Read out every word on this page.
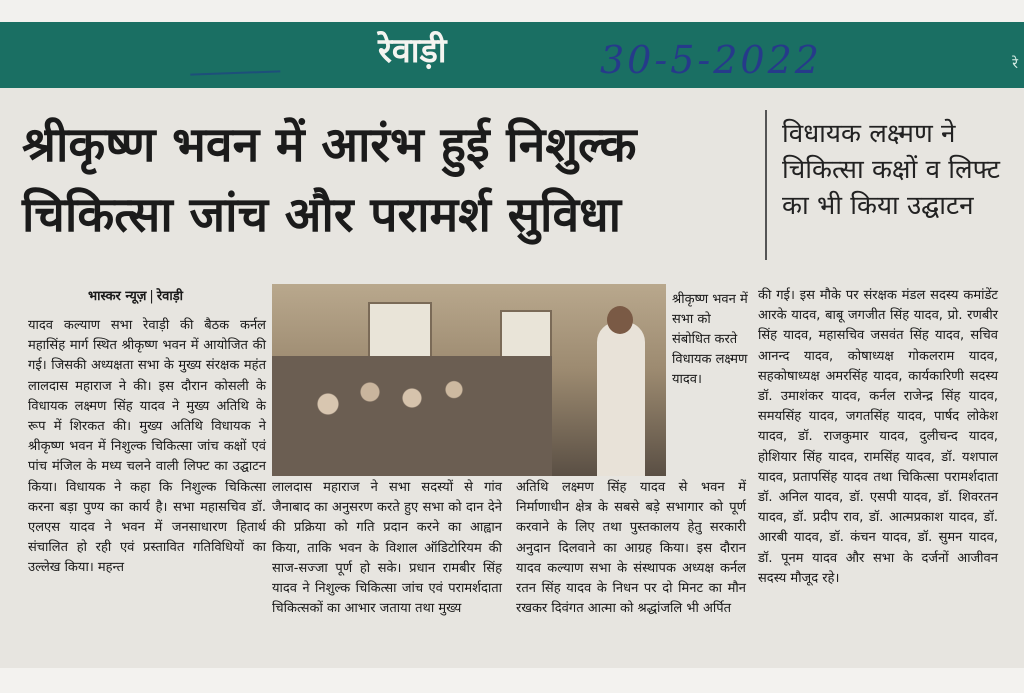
रेवाड़ी	30-5-2022	रे
श्रीकृष्ण भवन में आरंभ हुई निशुल्क
चिकित्सा जांच और परामर्श सुविधा
विधायक लक्ष्मण ने चिकित्सा कक्षों व लिफ्ट का भी किया उद्घाटन
भास्कर न्यूज़ | रेवाड़ी
यादव कल्याण सभा रेवाड़ी की बैठक कर्नल महासिंह मार्ग स्थित श्रीकृष्ण भवन में आयोजित की गई। जिसकी अध्यक्षता सभा के मुख्य संरक्षक महंत लालदास महाराज ने की। इस दौरान कोसली के विधायक लक्ष्मण सिंह यादव ने मुख्य अतिथि के रूप में शिरकत की। मुख्य अतिथि विधायक ने श्रीकृष्ण भवन में निशुल्क चिकित्सा जांच कक्षों एवं पांच मंजिल के मध्य चलने वाली लिफ्ट का उद्घाटन किया। विधायक ने कहा कि निशुल्क चिकित्सा करना बड़ा पुण्य का कार्य है। सभा महासचिव डॉ. एलएस यादव ने भवन में जनसाधारण हितार्थ संचालित हो रही एवं प्रस्तावित गतिविधियों का उल्लेख किया। महन्त
श्रीकृष्ण भवन में सभा को संबोधित करते विधायक लक्ष्मण यादव।
लालदास महाराज ने सभा सदस्यों से गांव जैनाबाद का अनुसरण करते हुए सभा को दान देने की प्रक्रिया को गति प्रदान करने का आह्वान किया, ताकि भवन के विशाल ऑडिटोरियम की साज-सज्जा पूर्ण हो सके। प्रधान रामबीर सिंह यादव ने निशुल्क चिकित्सा जांच एवं परामर्शदाता चिकित्सकों का आभार जताया तथा मुख्य
अतिथि लक्ष्मण सिंह यादव से भवन में निर्माणाधीन क्षेत्र के सबसे बड़े सभागार को पूर्ण करवाने के लिए तथा पुस्तकालय हेतु सरकारी अनुदान दिलवाने का आग्रह किया। इस दौरान यादव कल्याण सभा के संस्थापक अध्यक्ष कर्नल रतन सिंह यादव के निधन पर दो मिनट का मौन रखकर दिवंगत आत्मा को श्रद्धांजलि भी अर्पित
की गई। इस मौके पर संरक्षक मंडल सदस्य कमांडेंट आरके यादव, बाबू जगजीत सिंह यादव, प्रो. रणबीर सिंह यादव, महासचिव जसवंत सिंह यादव, सचिव आनन्द यादव, कोषाध्यक्ष गोकलराम यादव, सहकोषाध्यक्ष अमरसिंह यादव, कार्यकारिणी सदस्य डॉ. उमाशंकर यादव, कर्नल राजेन्द्र सिंह यादव, समयसिंह यादव, जगतसिंह यादव, पार्षद लोकेश यादव, डॉ. राजकुमार यादव, दुलीचन्द यादव, होशियार सिंह यादव, रामसिंह यादव, डॉ. यशपाल यादव, प्रतापसिंह यादव तथा चिकित्सा परामर्शदाता डॉ. अनिल यादव, डॉ. एसपी यादव, डॉ. शिवरतन यादव, डॉ. प्रदीप राव, डॉ. आत्मप्रकाश यादव, डॉ. आरबी यादव, डॉ. कंचन यादव, डॉ. सुमन यादव, डॉ. पूनम यादव और सभा के दर्जनों आजीवन सदस्य मौजूद रहे।
